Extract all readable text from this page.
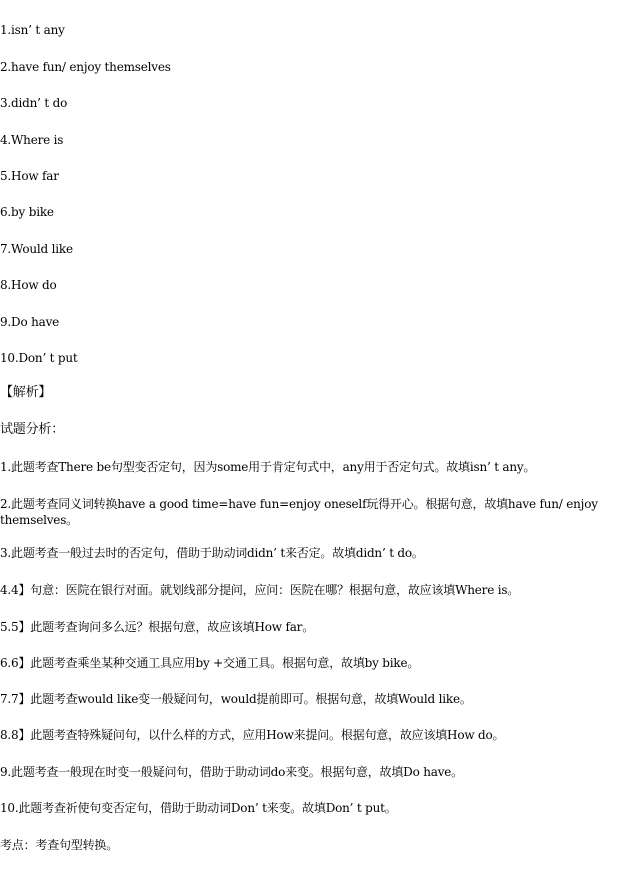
1.isn’ t any
2.have fun/ enjoy themselves
3.didn’ t do
4.Where is
5.How far
6.by bike
7.Would like
8.How do
9.Do have
10.Don’ t put
【解析】
试题分析：
1.此题考查There be句型变否定句，因为some用于肯定句式中，any用于否定句式。故填isn’ t any。
2.此题考查同义词转换have a good time=have fun=enjoy oneself玩得开心。根据句意，故填have fun/ enjoy themselves。
3.此题考查一般过去时的否定句，借助于助动词didn’ t来否定。故填didn’ t do。
4.4】句意：医院在银行对面。就划线部分提问，应问：医院在哪？根据句意，故应该填Where is。
5.5】此题考查询问多么远？根据句意，故应该填How far。
6.6】此题考查乘坐某种交通工具应用by +交通工具。根据句意，故填by bike。
7.7】此题考查would like变一般疑问句，would提前即可。根据句意，故填Would like。
8.8】此题考查特殊疑问句，以什么样的方式，应用How来提问。根据句意，故应该填How do。
9.此题考查一般现在时变一般疑问句，借助于助动词do来变。根据句意，故填Do have。
10.此题考查祈使句变否定句，借助于助动词Don’ t来变。故填Don’ t put。
考点：考查句型转换。
